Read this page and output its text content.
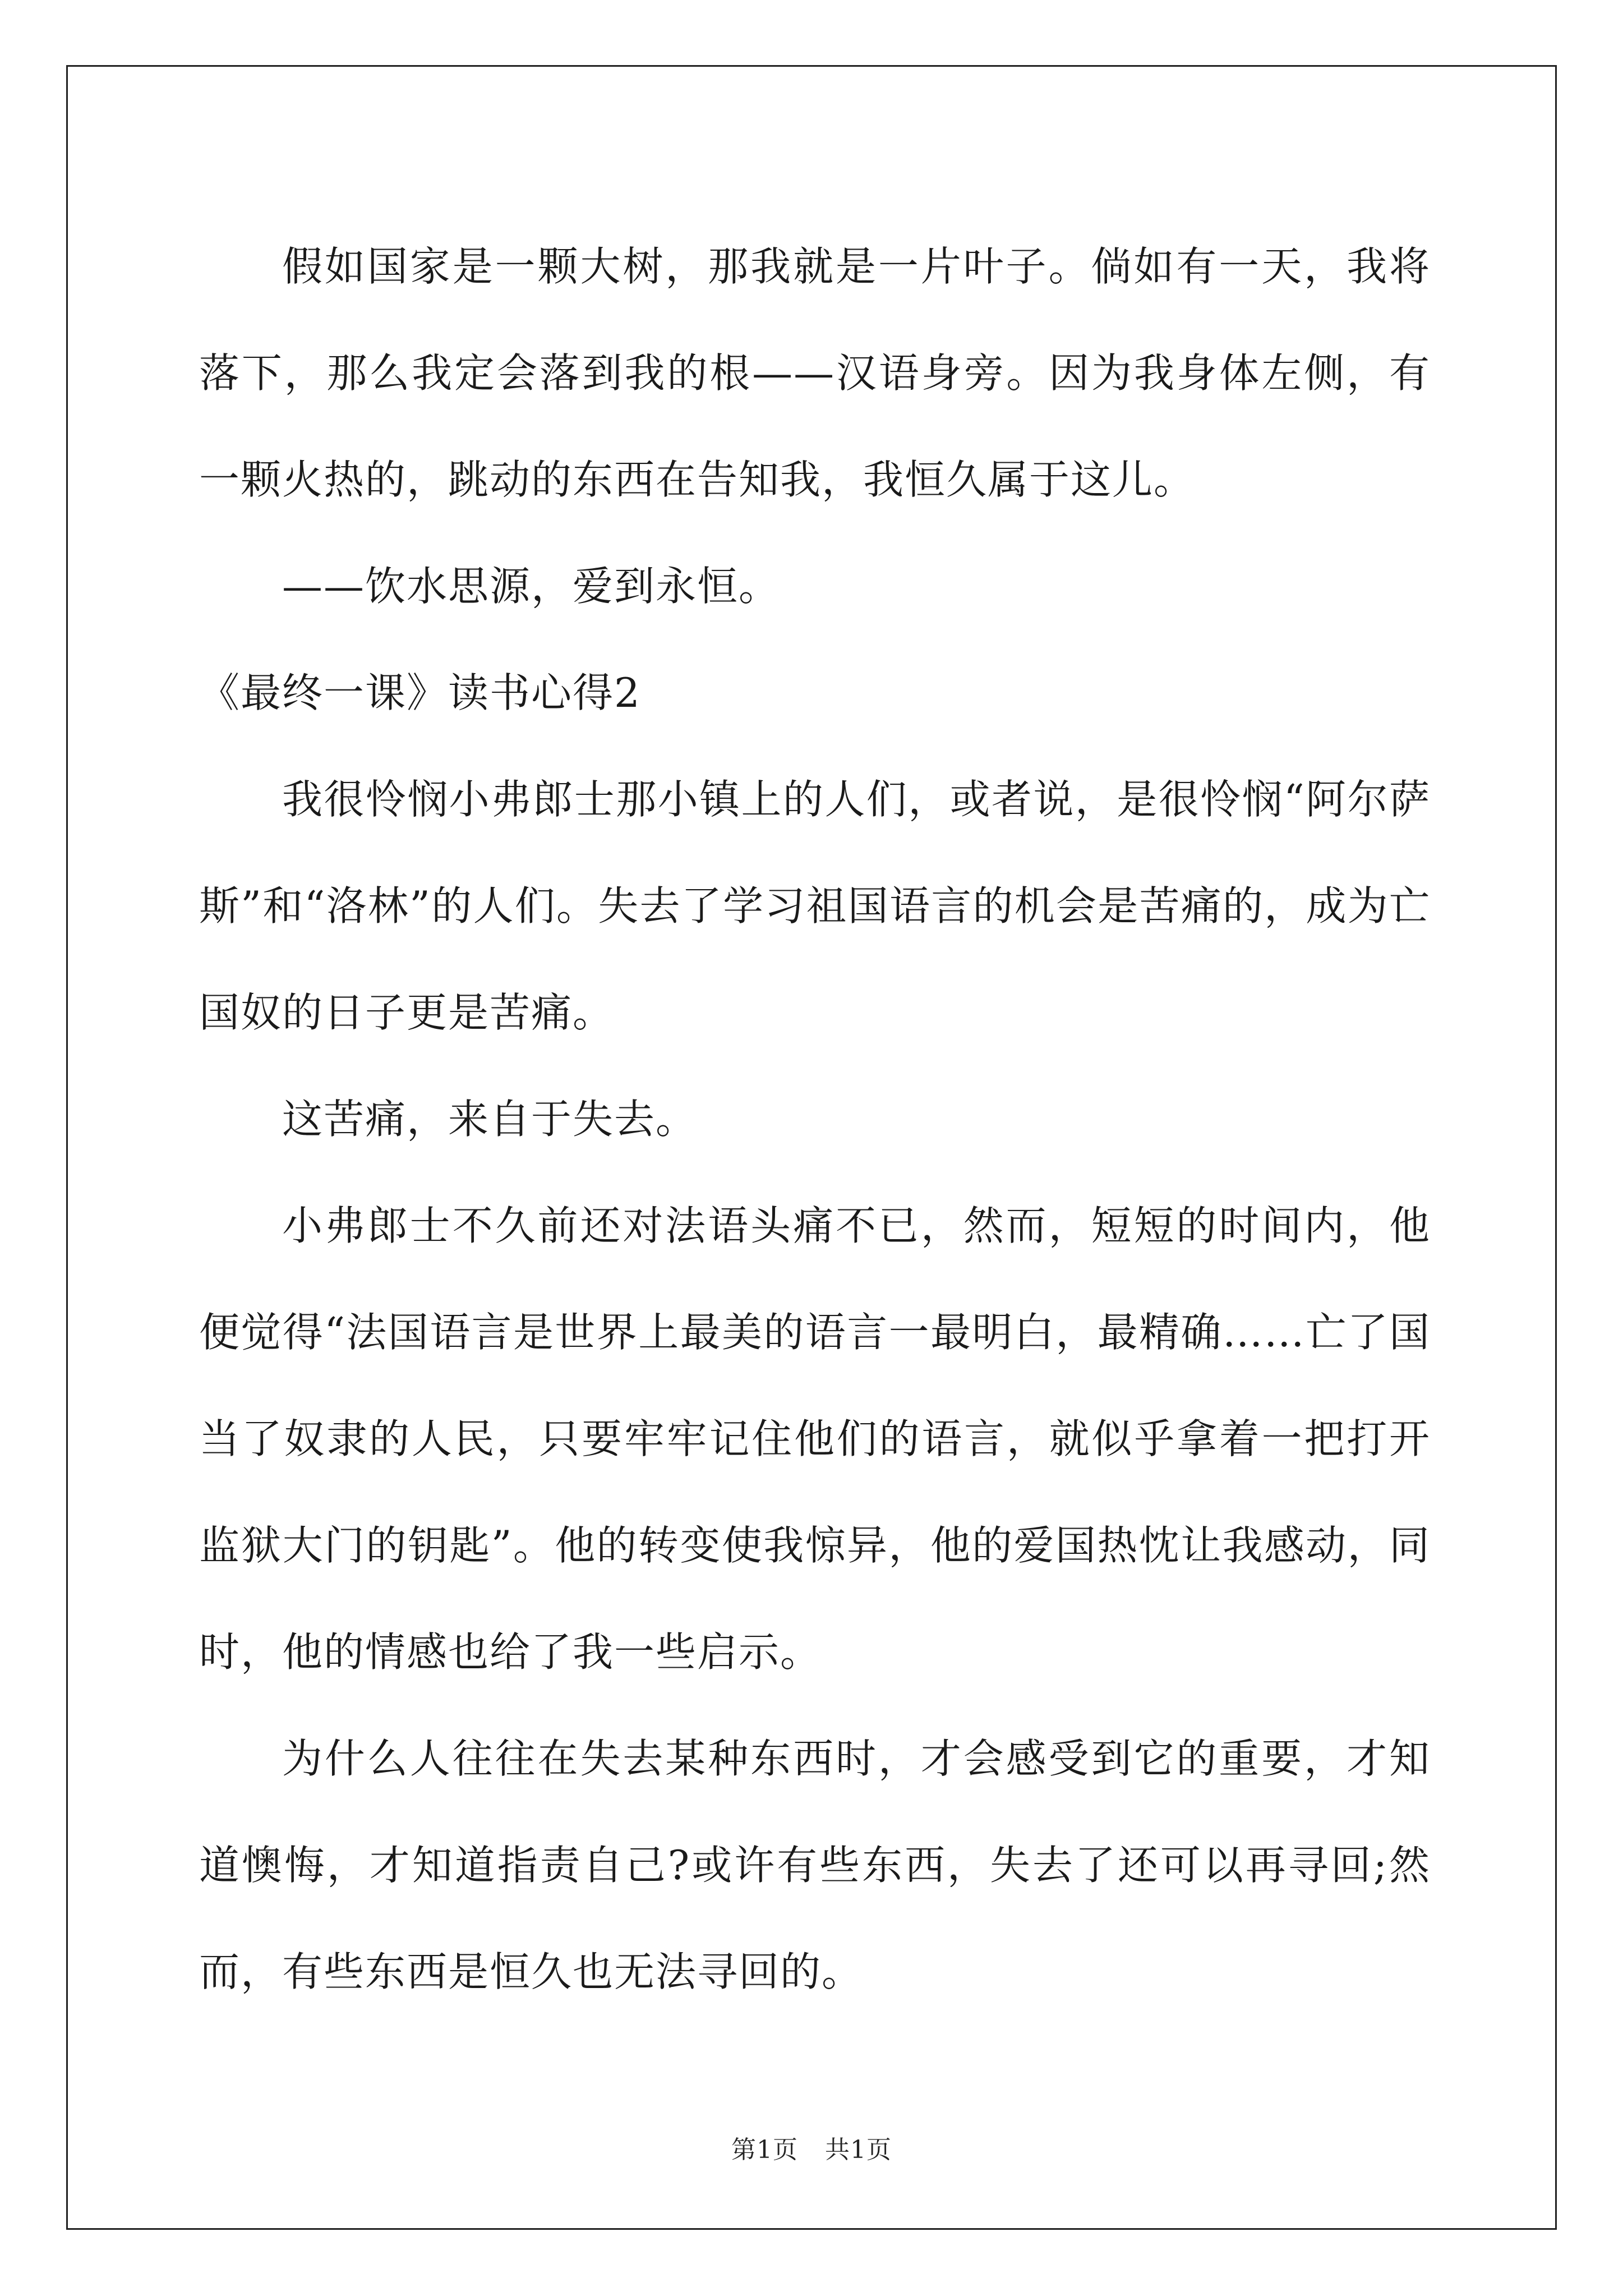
假如国家是一颗大树，那我就是一片叶子。倘如有一天，我将落下，那么我定会落到我的根——汉语身旁。因为我身体左侧，有一颗火热的，跳动的东西在告知我，我恒久属于这儿。

——饮水思源，爱到永恒。

《最终一课》读书心得2

我很怜悯小弗郎士那小镇上的人们，或者说，是很怜悯“阿尔萨斯”和“洛林”的人们。失去了学习祖国语言的机会是苦痛的，成为亡国奴的日子更是苦痛。

这苦痛，来自于失去。

小弗郎士不久前还对法语头痛不已，然而，短短的时间内，他便觉得“法国语言是世界上最美的语言一最明白，最精确……亡了国当了奴隶的人民，只要牢牢记住他们的语言，就似乎拿着一把打开监狱大门的钥匙”。他的转变使我惊异，他的爱国热忱让我感动，同时，他的情感也给了我一些启示。

为什么人往往在失去某种东西时，才会感受到它的重要，才知道懊悔，才知道指责自己?或许有些东西，失去了还可以再寻回;然而，有些东西是恒久也无法寻回的。

第1页 共1页
